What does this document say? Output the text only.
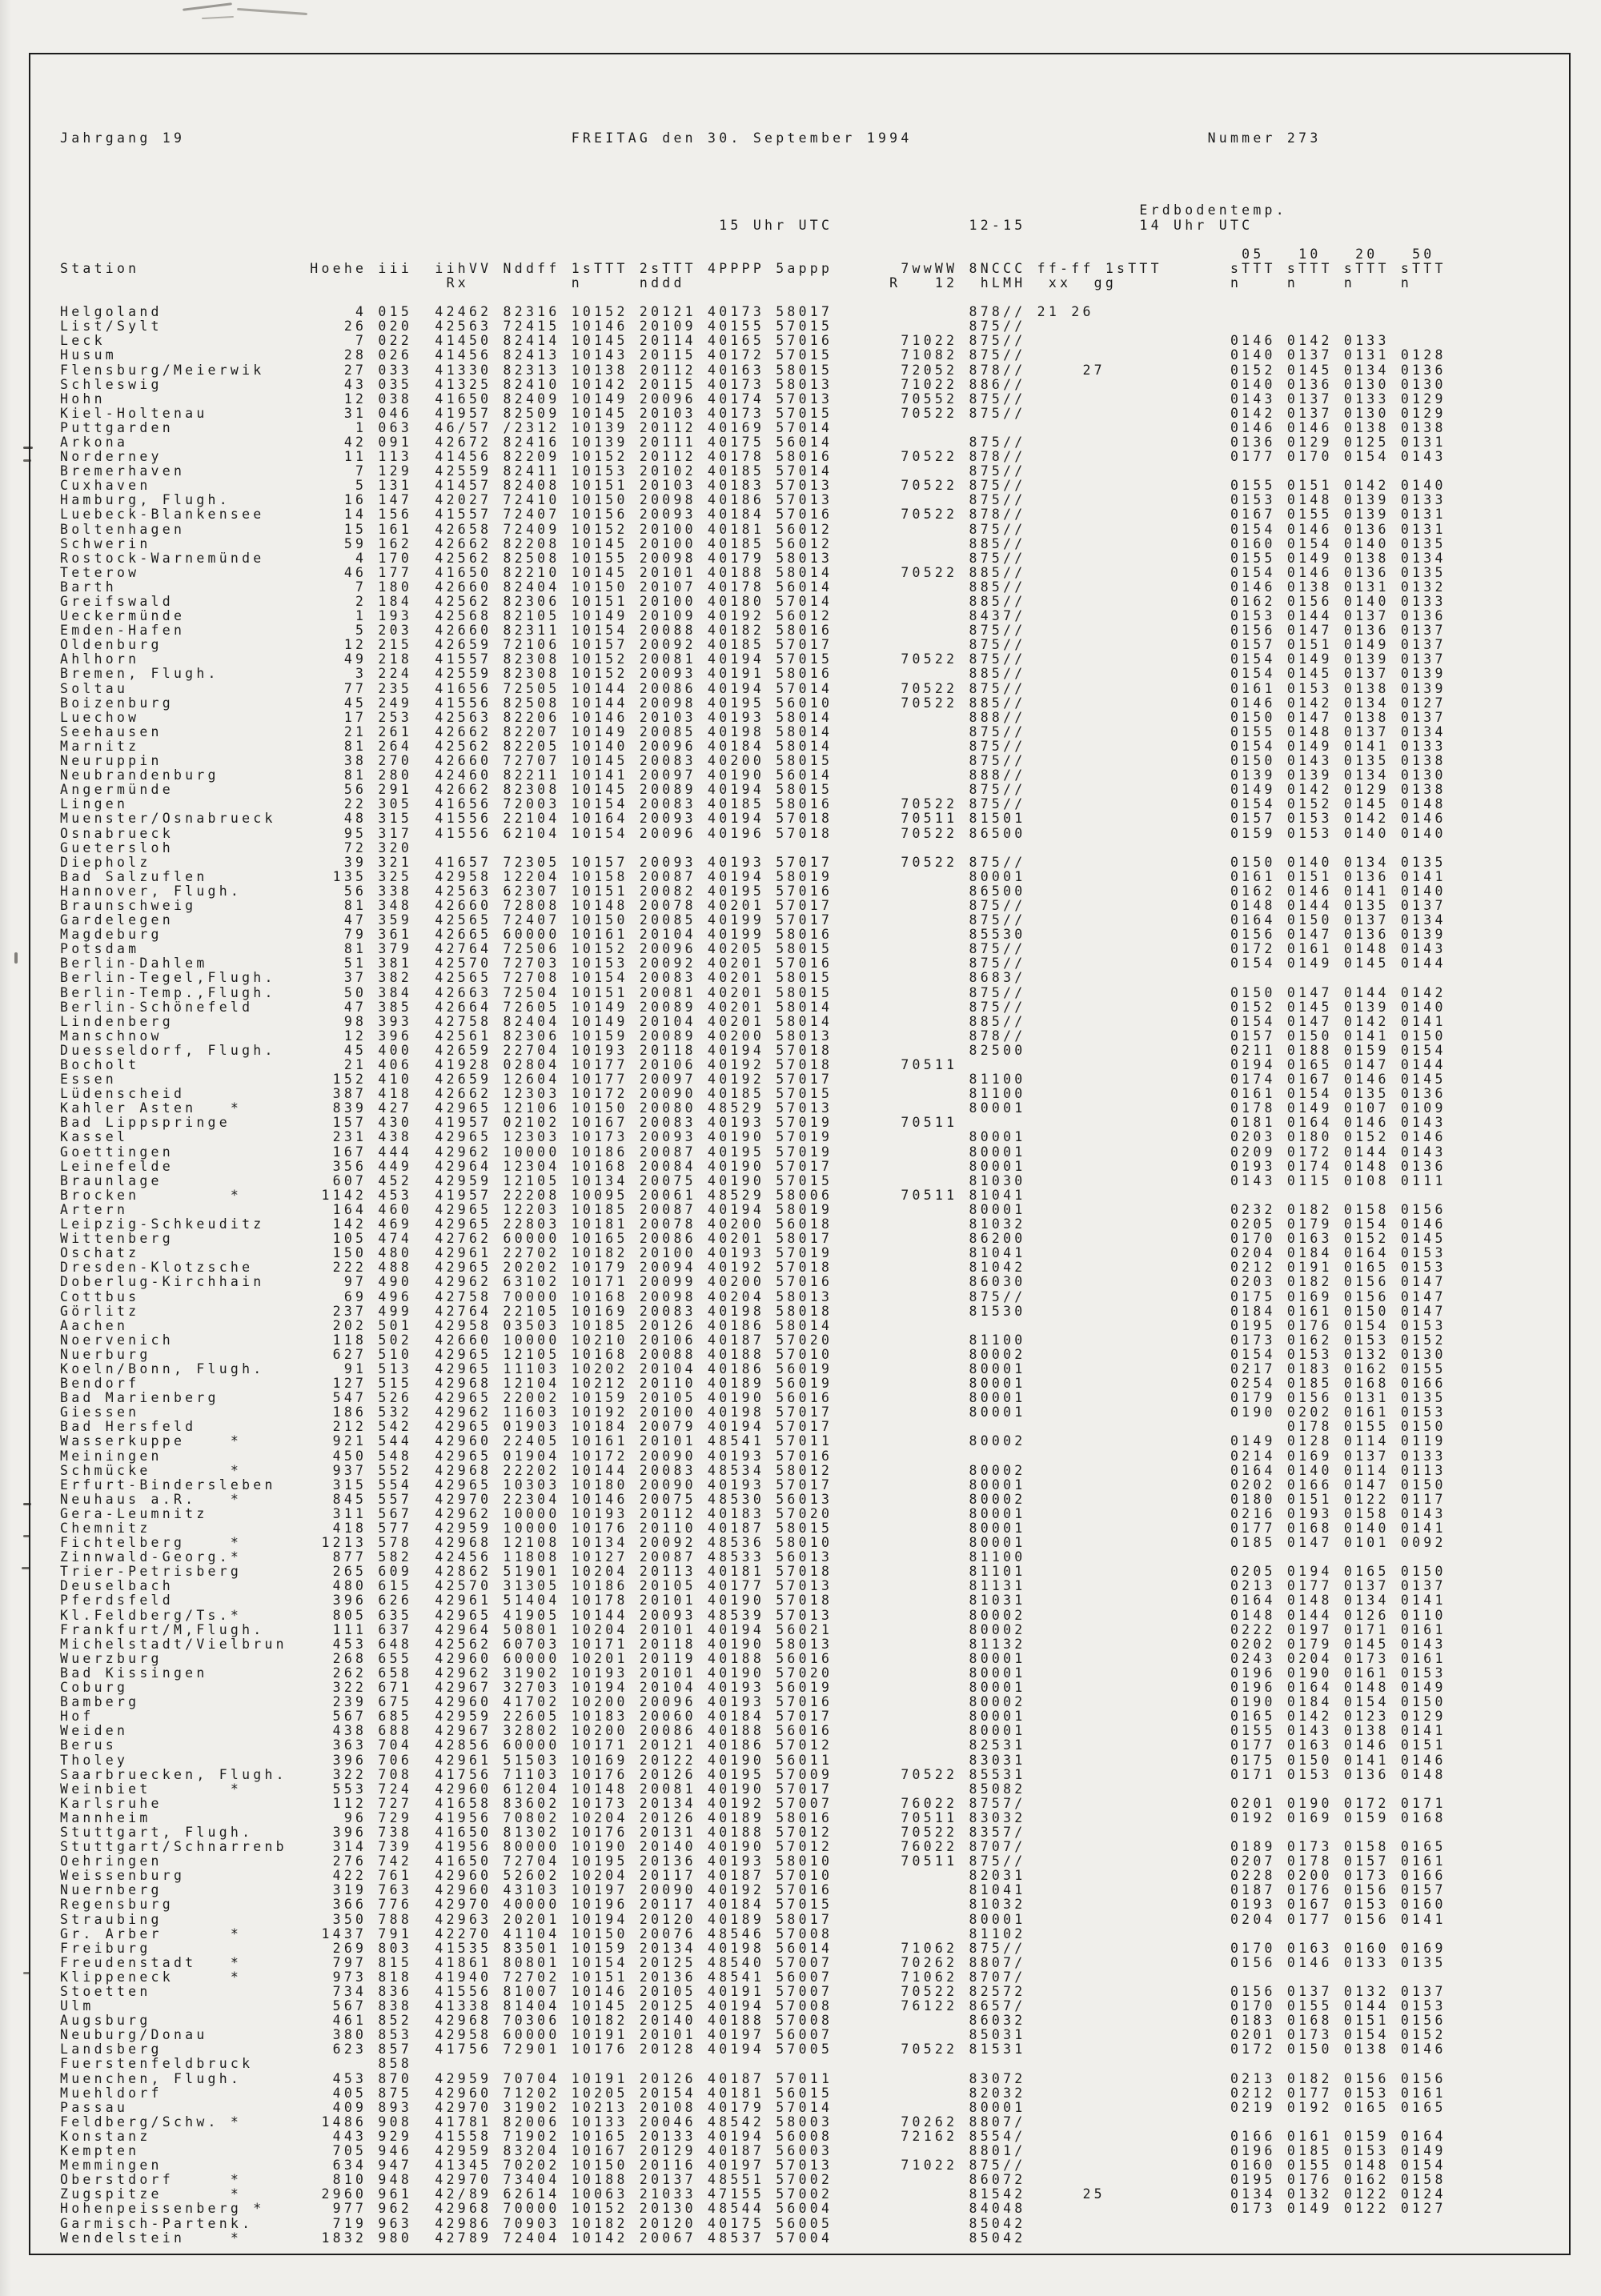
Jahrgang 19                                  FREITAG den 30. September 1994                          Nummer 273
Erdbodentemp.
15 Uhr UTC            12-15          14 Uhr UTC
05   10   20   50
Station               Hoehe iii  iihVV Nddff 1sTTT 2sTTT 4PPPP 5appp      7wwWW 8NCCC ff-ff 1sTTT      sTTT sTTT sTTT sTTT
Rx         n     nddd                  R   12  hLMH  xx  gg          n    n    n    n
Helgoland                 4 015  42462 82316 10152 20121 40173 58017            878// 21 26
List/Sylt                26 020  42563 72415 10146 20109 40155 57015            875//
Leck                      7 022  41450 82414 10145 20114 40165 57016      71022 875//                  0146 0142 0133
Husum                    28 026  41456 82413 10143 20115 40172 57015      71082 875//                  0140 0137 0131 0128
Flensburg/Meierwik       27 033  41330 82313 10138 20112 40163 58015      72052 878//     27           0152 0145 0134 0136
Schleswig                43 035  41325 82410 10142 20115 40173 58013      71022 886//                  0140 0136 0130 0130
Hohn                     12 038  41650 82409 10149 20096 40174 57013      70552 875//                  0143 0137 0133 0129
Kiel-Holtenau            31 046  41957 82509 10145 20103 40173 57015      70522 875//                  0142 0137 0130 0129
Puttgarden                1 063  46/57 /2312 10139 20112 40169 57014                                   0146 0146 0138 0138
Arkona                   42 091  42672 82416 10139 20111 40175 56014            875//                  0136 0129 0125 0131
Norderney                11 113  41456 82209 10152 20112 40178 58016      70522 878//                  0177 0170 0154 0143
Bremerhaven               7 129  42559 82411 10153 20102 40185 57014            875//
Cuxhaven                  5 131  41457 82408 10151 20103 40183 57013      70522 875//                  0155 0151 0142 0140
Hamburg, Flugh.          16 147  42027 72410 10150 20098 40186 57013            875//                  0153 0148 0139 0133
Luebeck-Blankensee       14 156  41557 72407 10156 20093 40184 57016      70522 878//                  0167 0155 0139 0131
Boltenhagen              15 161  42658 72409 10152 20100 40181 56012            875//                  0154 0146 0136 0131
Schwerin                 59 162  42662 82208 10145 20100 40185 56012            885//                  0160 0154 0140 0135
Rostock-Warnemünde        4 170  42562 82508 10155 20098 40179 58013            875//                  0155 0149 0138 0134
Teterow                  46 177  41650 82210 10145 20101 40188 58014      70522 885//                  0154 0146 0136 0135
Barth                     7 180  42660 82404 10150 20107 40178 56014            885//                  0146 0138 0131 0132
Greifswald                2 184  42562 82306 10151 20100 40180 57014            885//                  0162 0156 0140 0133
Ueckermünde               1 193  42568 82105 10149 20109 40192 56012            8437/                  0153 0144 0137 0136
Emden-Hafen               5 203  42660 82311 10154 20088 40182 58016            875//                  0156 0147 0136 0137
Oldenburg                12 215  42659 72106 10157 20092 40185 57017            875//                  0157 0151 0149 0137
Ahlhorn                  49 218  41557 82308 10152 20081 40194 57015      70522 875//                  0154 0149 0139 0137
Bremen, Flugh.            3 224  42559 82308 10152 20093 40191 58016            885//                  0154 0145 0137 0139
Soltau                   77 235  41656 72505 10144 20086 40194 57014      70522 875//                  0161 0153 0138 0139
Boizenburg               45 249  41556 82508 10144 20098 40195 56010      70522 885//                  0146 0142 0134 0127
Luechow                  17 253  42563 82206 10146 20103 40193 58014            888//                  0150 0147 0138 0137
Seehausen                21 261  42662 82207 10149 20085 40198 58014            875//                  0155 0148 0137 0134
Marnitz                  81 264  42562 82205 10140 20096 40184 58014            875//                  0154 0149 0141 0133
Neuruppin                38 270  42660 72707 10145 20083 40200 58015            875//                  0150 0143 0135 0138
Neubrandenburg           81 280  42460 82211 10141 20097 40190 56014            888//                  0139 0139 0134 0130
Angermünde               56 291  42662 82308 10145 20089 40194 58015            875//                  0149 0142 0129 0138
Lingen                   22 305  41656 72003 10154 20083 40185 58016      70522 875//                  0154 0152 0145 0148
Muenster/Osnabrueck      48 315  41556 22104 10164 20093 40194 57018      70511 81501                  0157 0153 0142 0146
Osnabrueck               95 317  41556 62104 10154 20096 40196 57018      70522 86500                  0159 0153 0140 0140
Guetersloh               72 320
Diepholz                 39 321  41657 72305 10157 20093 40193 57017      70522 875//                  0150 0140 0134 0135
Bad Salzuflen           135 325  42958 12204 10158 20087 40194 58019            80001                  0161 0151 0136 0141
Hannover, Flugh.         56 338  42563 62307 10151 20082 40195 57016            86500                  0162 0146 0141 0140
Braunschweig             81 348  42660 72808 10148 20078 40201 57017            875//                  0148 0144 0135 0137
Gardelegen               47 359  42565 72407 10150 20085 40199 57017            875//                  0164 0150 0137 0134
Magdeburg                79 361  42665 60000 10161 20104 40199 58016            85530                  0156 0147 0136 0139
Potsdam                  81 379  42764 72506 10152 20096 40205 58015            875//                  0172 0161 0148 0143
Berlin-Dahlem            51 381  42570 72703 10153 20092 40201 57016            875//                  0154 0149 0145 0144
Berlin-Tegel,Flugh.      37 382  42565 72708 10154 20083 40201 58015            8683/
Berlin-Temp.,Flugh.      50 384  42663 72504 10151 20081 40201 58015            875//                  0150 0147 0144 0142
Berlin-Schönefeld        47 385  42664 72605 10149 20089 40201 58014            875//                  0152 0145 0139 0140
Lindenberg               98 393  42758 82404 10149 20104 40201 58014            885//                  0154 0147 0142 0141
Manschnow                12 396  42561 82306 10159 20089 40200 58013            878//                  0157 0150 0141 0150
Duesseldorf, Flugh.      45 400  42659 22704 10193 20118 40194 57018            82500                  0211 0188 0159 0154
Bocholt                  21 406  41928 02804 10177 20106 40192 57018      70511                        0194 0165 0147 0144
Essen                   152 410  42659 12604 10177 20097 40192 57017            81100                  0174 0167 0146 0145
Lüdenscheid             387 418  42662 12303 10172 20090 40185 57015            81100                  0161 0154 0135 0136
Kahler Asten   *        839 427  42965 12106 10150 20080 48529 57013            80001                  0178 0149 0107 0109
Bad Lippspringe         157 430  41957 02102 10167 20083 40193 57019      70511                        0181 0164 0146 0143
Kassel                  231 438  42965 12303 10173 20093 40190 57019            80001                  0203 0180 0152 0146
Goettingen              167 444  42962 10000 10186 20087 40195 57019            80001                  0209 0172 0144 0143
Leinefelde              356 449  42964 12304 10168 20084 40190 57017            80001                  0193 0174 0148 0136
Braunlage               607 452  42959 12105 10134 20075 40190 57015            81030                  0143 0115 0108 0111
Brocken        *       1142 453  41957 22208 10095 20061 48529 58006      70511 81041
Artern                  164 460  42965 12203 10185 20087 40194 58019            80001                  0232 0182 0158 0156
Leipzig-Schkeuditz      142 469  42965 22803 10181 20078 40200 56018            81032                  0205 0179 0154 0146
Wittenberg              105 474  42762 60000 10165 20086 40201 58017            86200                  0170 0163 0152 0145
Oschatz                 150 480  42961 22702 10182 20100 40193 57019            81041                  0204 0184 0164 0153
Dresden-Klotzsche       222 488  42965 20202 10179 20094 40192 57018            81042                  0212 0191 0165 0153
Doberlug-Kirchhain       97 490  42962 63102 10171 20099 40200 57016            86030                  0203 0182 0156 0147
Cottbus                  69 496  42758 70000 10168 20098 40204 58013            875//                  0175 0169 0156 0147
Görlitz                 237 499  42764 22105 10169 20083 40198 58018            81530                  0184 0161 0150 0147
Aachen                  202 501  42958 03503 10185 20126 40186 58014                                   0195 0176 0154 0153
Noervenich              118 502  42660 10000 10210 20106 40187 57020            81100                  0173 0162 0153 0152
Nuerburg                627 510  42965 12105 10168 20088 40188 57010            80002                  0154 0153 0132 0130
Koeln/Bonn, Flugh.       91 513  42965 11103 10202 20104 40186 56019            80001                  0217 0183 0162 0155
Bendorf                 127 515  42968 12104 10212 20110 40189 56019            80001                  0254 0185 0168 0166
Bad Marienberg          547 526  42965 22002 10159 20105 40190 56016            80001                  0179 0156 0131 0135
Giessen                 186 532  42962 11603 10192 20100 40198 57017            80001                  0190 0202 0161 0153
Bad Hersfeld            212 542  42965 01903 10184 20079 40194 57017                                        0178 0155 0150
Wasserkuppe    *        921 544  42960 22405 10161 20101 48541 57011            80002                  0149 0128 0114 0119
Meiningen               450 548  42965 01904 10172 20090 40193 57016                                   0214 0169 0137 0133
Schmücke       *        937 552  42968 22202 10144 20083 48534 58012            80002                  0164 0140 0114 0113
Erfurt-Bindersleben     315 554  42965 10303 10180 20090 40193 57017            80001                  0202 0166 0147 0150
Neuhaus a.R.   *        845 557  42970 22304 10146 20075 48530 56013            80002                  0180 0151 0122 0117
Gera-Leumnitz           311 567  42962 10000 10193 20112 40183 57020            80001                  0216 0193 0158 0143
Chemnitz                418 577  42959 10000 10176 20110 40187 58015            80001                  0177 0168 0140 0141
Fichtelberg    *       1213 578  42968 12108 10134 20092 48536 58010            80001                  0185 0147 0101 0092
Zinnwald-Georg.*        877 582  42456 11808 10127 20087 48533 56013            81100
Trier-Petrisberg        265 609  42862 51901 10204 20113 40181 57018            81101                  0205 0194 0165 0150
Deuselbach              480 615  42570 31305 10186 20105 40177 57013            81131                  0213 0177 0137 0137
Pferdsfeld              396 626  42961 51404 10178 20101 40190 57018            81031                  0164 0148 0134 0141
Kl.Feldberg/Ts.*        805 635  42965 41905 10144 20093 48539 57013            80002                  0148 0144 0126 0110
Frankfurt/M,Flugh.      111 637  42964 50801 10204 20101 40194 56021            80002                  0222 0197 0171 0161
Michelstadt/Vielbrun    453 648  42562 60703 10171 20118 40190 58013            81132                  0202 0179 0145 0143
Wuerzburg               268 655  42960 60000 10201 20119 40188 56016            80001                  0243 0204 0173 0161
Bad Kissingen           262 658  42962 31902 10193 20101 40190 57020            80001                  0196 0190 0161 0153
Coburg                  322 671  42967 32703 10194 20104 40193 56019            80001                  0196 0164 0148 0149
Bamberg                 239 675  42960 41702 10200 20096 40193 57016            80002                  0190 0184 0154 0150
Hof                     567 685  42959 22605 10183 20060 40184 57017            80001                  0165 0142 0123 0129
Weiden                  438 688  42967 32802 10200 20086 40188 56016            80001                  0155 0143 0138 0141
Berus                   363 704  42856 60000 10171 20121 40186 57012            82531                  0177 0163 0146 0151
Tholey                  396 706  42961 51503 10169 20122 40190 56011            83031                  0175 0150 0141 0146
Saarbruecken, Flugh.    322 708  41756 71103 10176 20126 40195 57009      70522 85531                  0171 0153 0136 0148
Weinbiet       *        553 724  42960 61204 10148 20081 40190 57017            85082
Karlsruhe               112 727  41658 83602 10173 20134 40192 57007      76022 8757/                  0201 0190 0172 0171
Mannheim                 96 729  41956 70802 10204 20126 40189 58016      70511 83032                  0192 0169 0159 0168
Stuttgart, Flugh.       396 738  41650 81302 10176 20131 40188 57012      70522 8357/
Stuttgart/Schnarrenb    314 739  41956 80000 10190 20140 40190 57012      76022 8707/                  0189 0173 0158 0165
Oehringen               276 742  41650 72704 10195 20136 40193 58010      70511 875//                  0207 0178 0157 0161
Weissenburg             422 761  42960 52602 10204 20117 40187 57010            82031                  0228 0200 0173 0166
Nuernberg               319 763  42960 43103 10197 20090 40192 57016            81041                  0187 0176 0156 0157
Regensburg              366 776  42970 40000 10196 20117 40184 57015            81032                  0193 0167 0153 0160
Straubing               350 788  42963 20201 10194 20120 40189 58017            80001                  0204 0177 0156 0141
Gr. Arber      *       1437 791  42270 41104 10150 20076 48546 57008            81102
Freiburg                269 803  41535 83501 10159 20134 40198 56014      71062 875//                  0170 0163 0160 0169
Freudenstadt   *        797 815  41861 80801 10154 20125 48540 57007      70262 8807/                  0156 0146 0133 0135
Klippeneck     *        973 818  41940 72702 10151 20136 48541 56007      71062 8707/
Stoetten                734 836  41556 81007 10146 20105 40191 57007      70522 82572                  0156 0137 0132 0137
Ulm                     567 838  41338 81404 10145 20125 40194 57008      76122 8657/                  0170 0155 0144 0153
Augsburg                461 852  42968 70306 10182 20140 40188 57008            86032                  0183 0168 0151 0156
Neuburg/Donau           380 853  42958 60000 10191 20101 40197 56007            85031                  0201 0173 0154 0152
Landsberg               623 857  41756 72901 10176 20128 40194 57005      70522 81531                  0172 0150 0138 0146
Fuerstenfeldbruck           858
Muenchen, Flugh.        453 870  42959 70704 10191 20126 40187 57011            83072                  0213 0182 0156 0156
Muehldorf               405 875  42960 71202 10205 20154 40181 56015            82032                  0212 0177 0153 0161
Passau                  409 893  42970 31902 10213 20108 40179 57014            80001                  0219 0192 0165 0165
Feldberg/Schw. *       1486 908  41781 82006 10133 20046 48542 58003      70262 8807/
Konstanz                443 929  41558 71902 10165 20133 40194 56008      72162 8554/                  0166 0161 0159 0164
Kempten                 705 946  42959 83204 10167 20129 40187 56003            8801/                  0196 0185 0153 0149
Memmingen               634 947  41345 70202 10150 20116 40197 57013      71022 875//                  0160 0155 0148 0154
Oberstdorf     *        810 948  42970 73404 10188 20137 48551 57002            86072                  0195 0176 0162 0158
Zugspitze      *       2960 961  42/89 62614 10063 21033 47155 57002            81542     25           0134 0132 0122 0124
Hohenpeissenberg *      977 962  42968 70000 10152 20130 48544 56004            84048                  0173 0149 0122 0127
Garmisch-Partenk.       719 963  42986 70903 10182 20120 40175 56005            85042
Wendelstein    *       1832 980  42789 72404 10142 20067 48537 57004            85042
